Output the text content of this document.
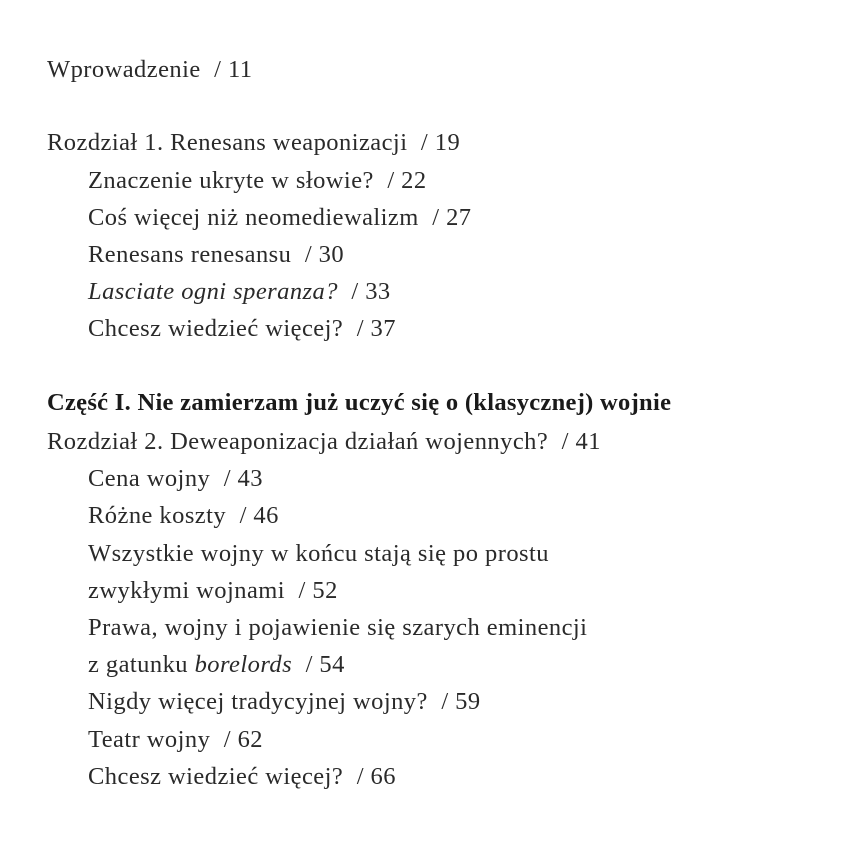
Wprowadzenie / 11
Rozdział 1. Renesans weaponizacji / 19
Znaczenie ukryte w słowie? / 22
Coś więcej niż neomediewalizm / 27
Renesans renesansu / 30
Lasciate ogni speranza? / 33
Chcesz wiedzieć więcej? / 37
Część I. Nie zamierzam już uczyć się o (klasycznej) wojnie
Rozdział 2. Deweaponizacja działań wojennych? / 41
Cena wojny / 43
Różne koszty / 46
Wszystkie wojny w końcu stają się po prostu
zwykłymi wojnami / 52
Prawa, wojny i pojawienie się szarych eminencji
z gatunku borelords / 54
Nigdy więcej tradycyjnej wojny? / 59
Teatr wojny / 62
Chcesz wiedzieć więcej? / 66
